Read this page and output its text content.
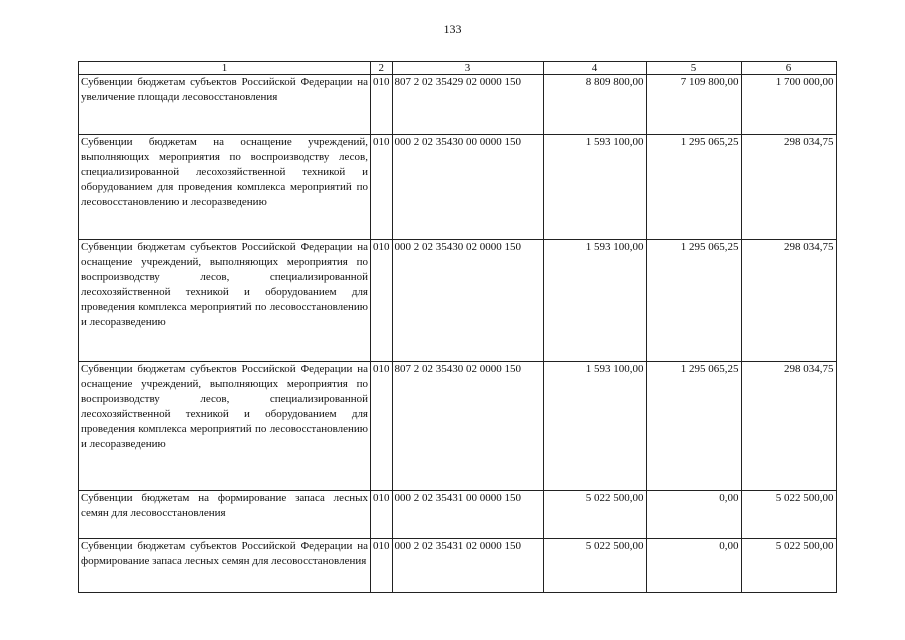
133
1	2	3	4	5	6
Субвенции бюджетам субъектов Российской Федерации на увеличение площади лесовосстановления	010	807 2 02 35429 02 0000 150	8 809 800,00	7 109 800,00	1 700 000,00
Субвенции бюджетам на оснащение учреждений, выполняющих мероприятия по воспроизводству лесов, специализированной лесохозяйственной техникой и оборудованием для проведения комплекса мероприятий по лесовосстановлению и лесоразведению	010	000 2 02 35430 00 0000 150	1 593 100,00	1 295 065,25	298 034,75
Субвенции бюджетам субъектов Российской Федерации на оснащение учреждений, выполняющих мероприятия по воспроизводству лесов, специализированной лесохозяйственной техникой и оборудованием для проведения комплекса мероприятий по лесовосстановлению и лесоразведению	010	000 2 02 35430 02 0000 150	1 593 100,00	1 295 065,25	298 034,75
Субвенции бюджетам субъектов Российской Федерации на оснащение учреждений, выполняющих мероприятия по воспроизводству лесов, специализированной лесохозяйственной техникой и оборудованием для проведения комплекса мероприятий по лесовосстановлению и лесоразведению	010	807 2 02 35430 02 0000 150	1 593 100,00	1 295 065,25	298 034,75
Субвенции бюджетам на формирование запаса лесных семян для лесовосстановления	010	000 2 02 35431 00 0000 150	5 022 500,00	0,00	5 022 500,00
Субвенции бюджетам субъектов Российской Федерации на формирование запаса лесных семян для лесовосстановления	010	000 2 02 35431 02 0000 150	5 022 500,00	0,00	5 022 500,00
